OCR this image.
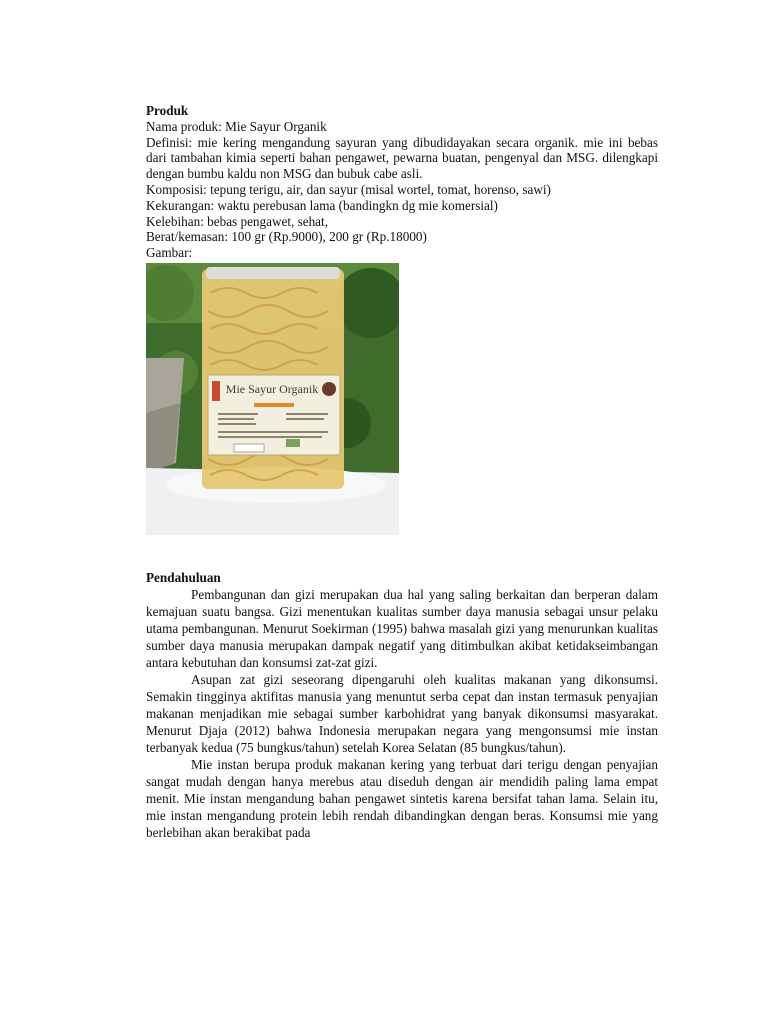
Produk

Nama produk: Mie Sayur Organik

Definisi: mie kering mengandung sayuran yang dibudidayakan secara organik. mie ini bebas dari tambahan kimia seperti bahan pengawet, pewarna buatan, pengenyal dan MSG. dilengkapi dengan bumbu kaldu non MSG dan bubuk cabe asli.

Komposisi: tepung terigu, air, dan sayur (misal wortel, tomat, horenso, sawi)

Kekurangan: waktu perebusan lama (bandingkn dg mie komersial)

Kelebihan: bebas pengawet, sehat,

Berat/kemasan: 100 gr (Rp.9000), 200 gr (Rp.18000)

Gambar:

Mie Sayur Organik

Pendahuluan

Pembangunan dan gizi merupakan dua hal yang saling berkaitan dan berperan dalam kemajuan suatu bangsa. Gizi menentukan kualitas sumber daya manusia sebagai unsur pelaku utama pembangunan. Menurut Soekirman (1995) bahwa masalah gizi yang menurunkan kualitas sumber daya manusia merupakan dampak negatif yang ditimbulkan akibat ketidakseimbangan antara kebutuhan dan konsumsi zat-zat gizi.

Asupan zat gizi seseorang dipengaruhi oleh kualitas makanan yang dikonsumsi. Semakin tingginya aktifitas manusia yang menuntut serba cepat dan instan termasuk penyajian makanan menjadikan mie sebagai sumber karbohidrat yang banyak dikonsumsi masyarakat. Menurut Djaja (2012) bahwa Indonesia merupakan negara yang mengonsumsi mie instan terbanyak kedua (75 bungkus/tahun) setelah Korea Selatan (85 bungkus/tahun).

Mie instan berupa produk makanan kering yang terbuat dari terigu dengan penyajian sangat mudah dengan hanya merebus atau diseduh dengan air mendidih paling lama empat menit. Mie instan mengandung bahan pengawet sintetis karena bersifat tahan lama. Selain itu, mie instan mengandung protein lebih rendah dibandingkan dengan beras. Konsumsi mie yang berlebihan akan berakibat pada
